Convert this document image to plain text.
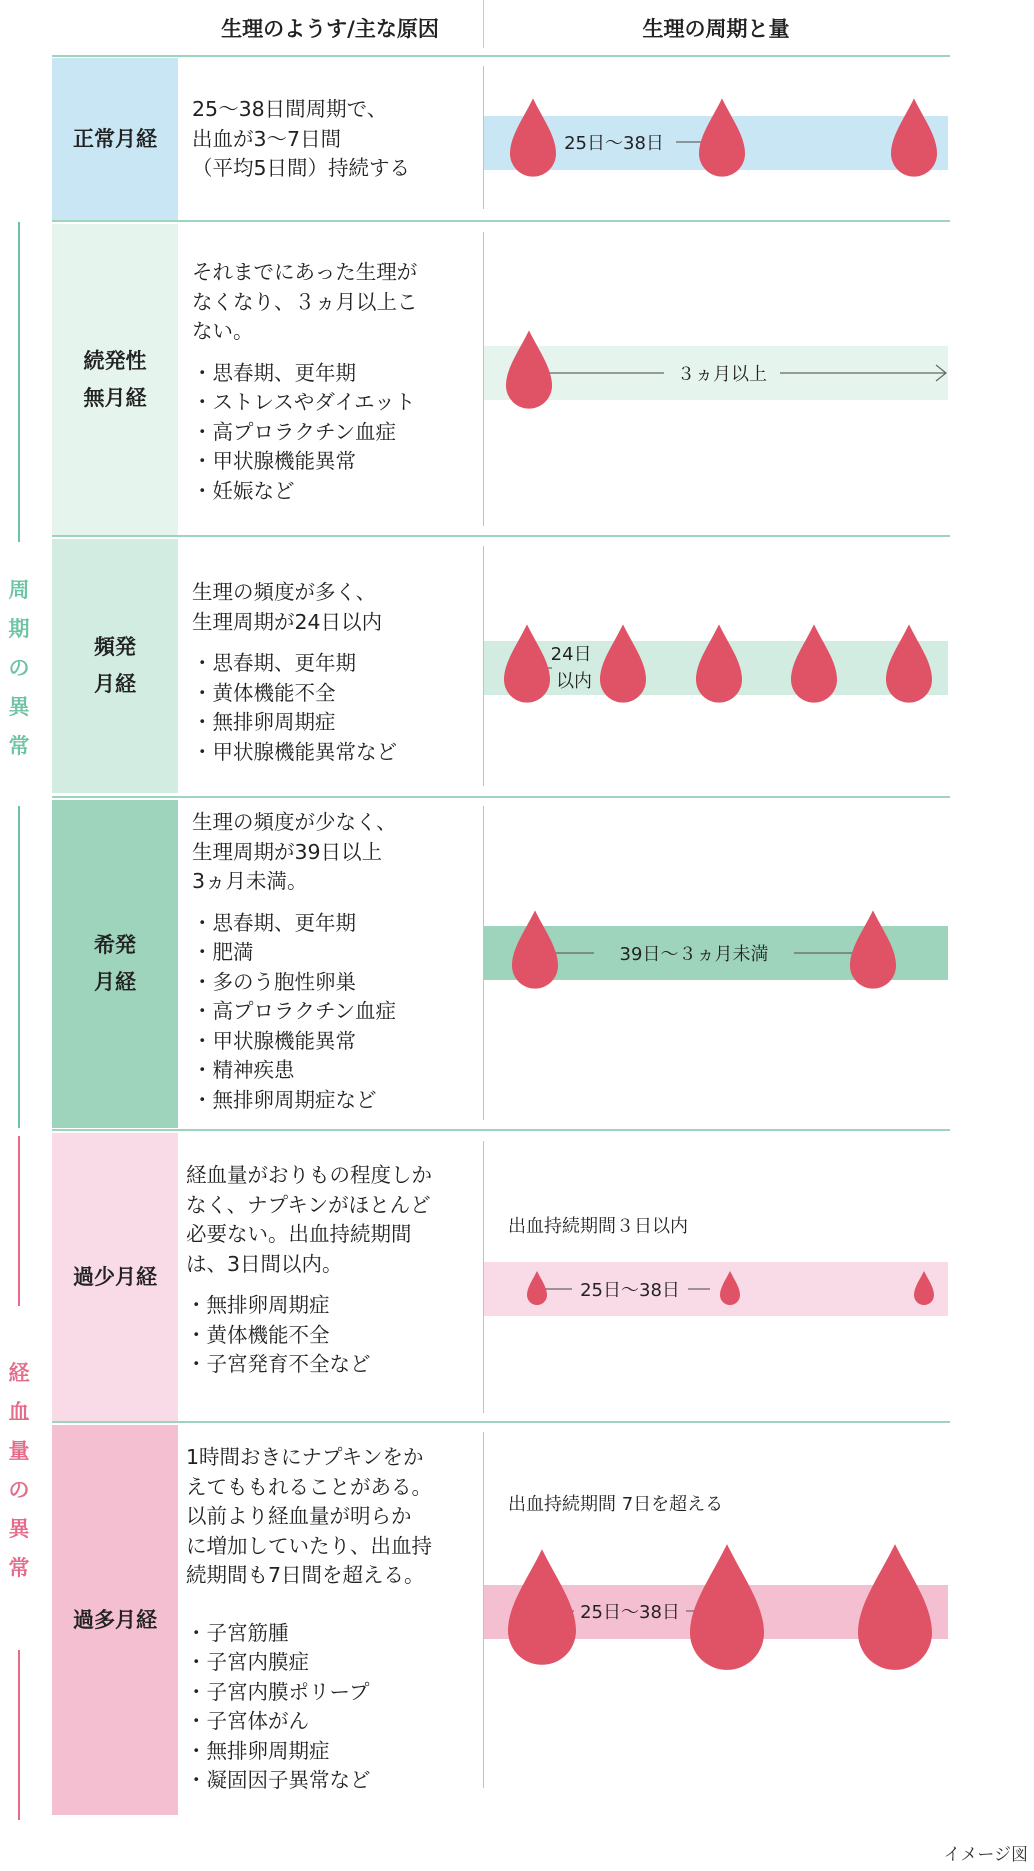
生理のようす/主な原因	生理の周期と量
周
期
の
異
常
経
血
量
の
異
常
正常月経
25〜38日間周期で、
出血が3〜7日間
（平均5日間）持続する
続発性
無月経
それまでにあった生理が
なくなり、３ヵ月以上こ
ない。
・思春期、更年期
・ストレスやダイエット
・高プロラクチン血症
・甲状腺機能異常
・妊娠など
頻発
月経
生理の頻度が多く、
生理周期が24日以内
・思春期、更年期
・黄体機能不全
・無排卵周期症
・甲状腺機能異常など
希発
月経
生理の頻度が少なく、
生理周期が39日以上
3ヵ月未満。
・思春期、更年期
・肥満
・多のう胞性卵巣
・高プロラクチン血症
・甲状腺機能異常
・精神疾患
・無排卵周期症など
過少月経
経血量がおりもの程度しか
なく、ナプキンがほとんど
必要ない。出血持続期間
は、3日間以内。
・無排卵周期症
・黄体機能不全
・子宮発育不全など
出血持続期間３日以内
過多月経
1時間おきにナプキンをか
えてももれることがある。
以前より経血量が明らか
に増加していたり、出血持
続期間も7日間を超える。
・子宮筋腫
・子宮内膜症
・子宮内膜ポリープ
・子宮体がん
・無排卵周期症
・凝固因子異常など
出血持続期間 7日を超える
25日〜38日
３ヵ月以上
24日 以内
39日〜３ヵ月未満
25日〜38日
25日〜38日
イメージ図
